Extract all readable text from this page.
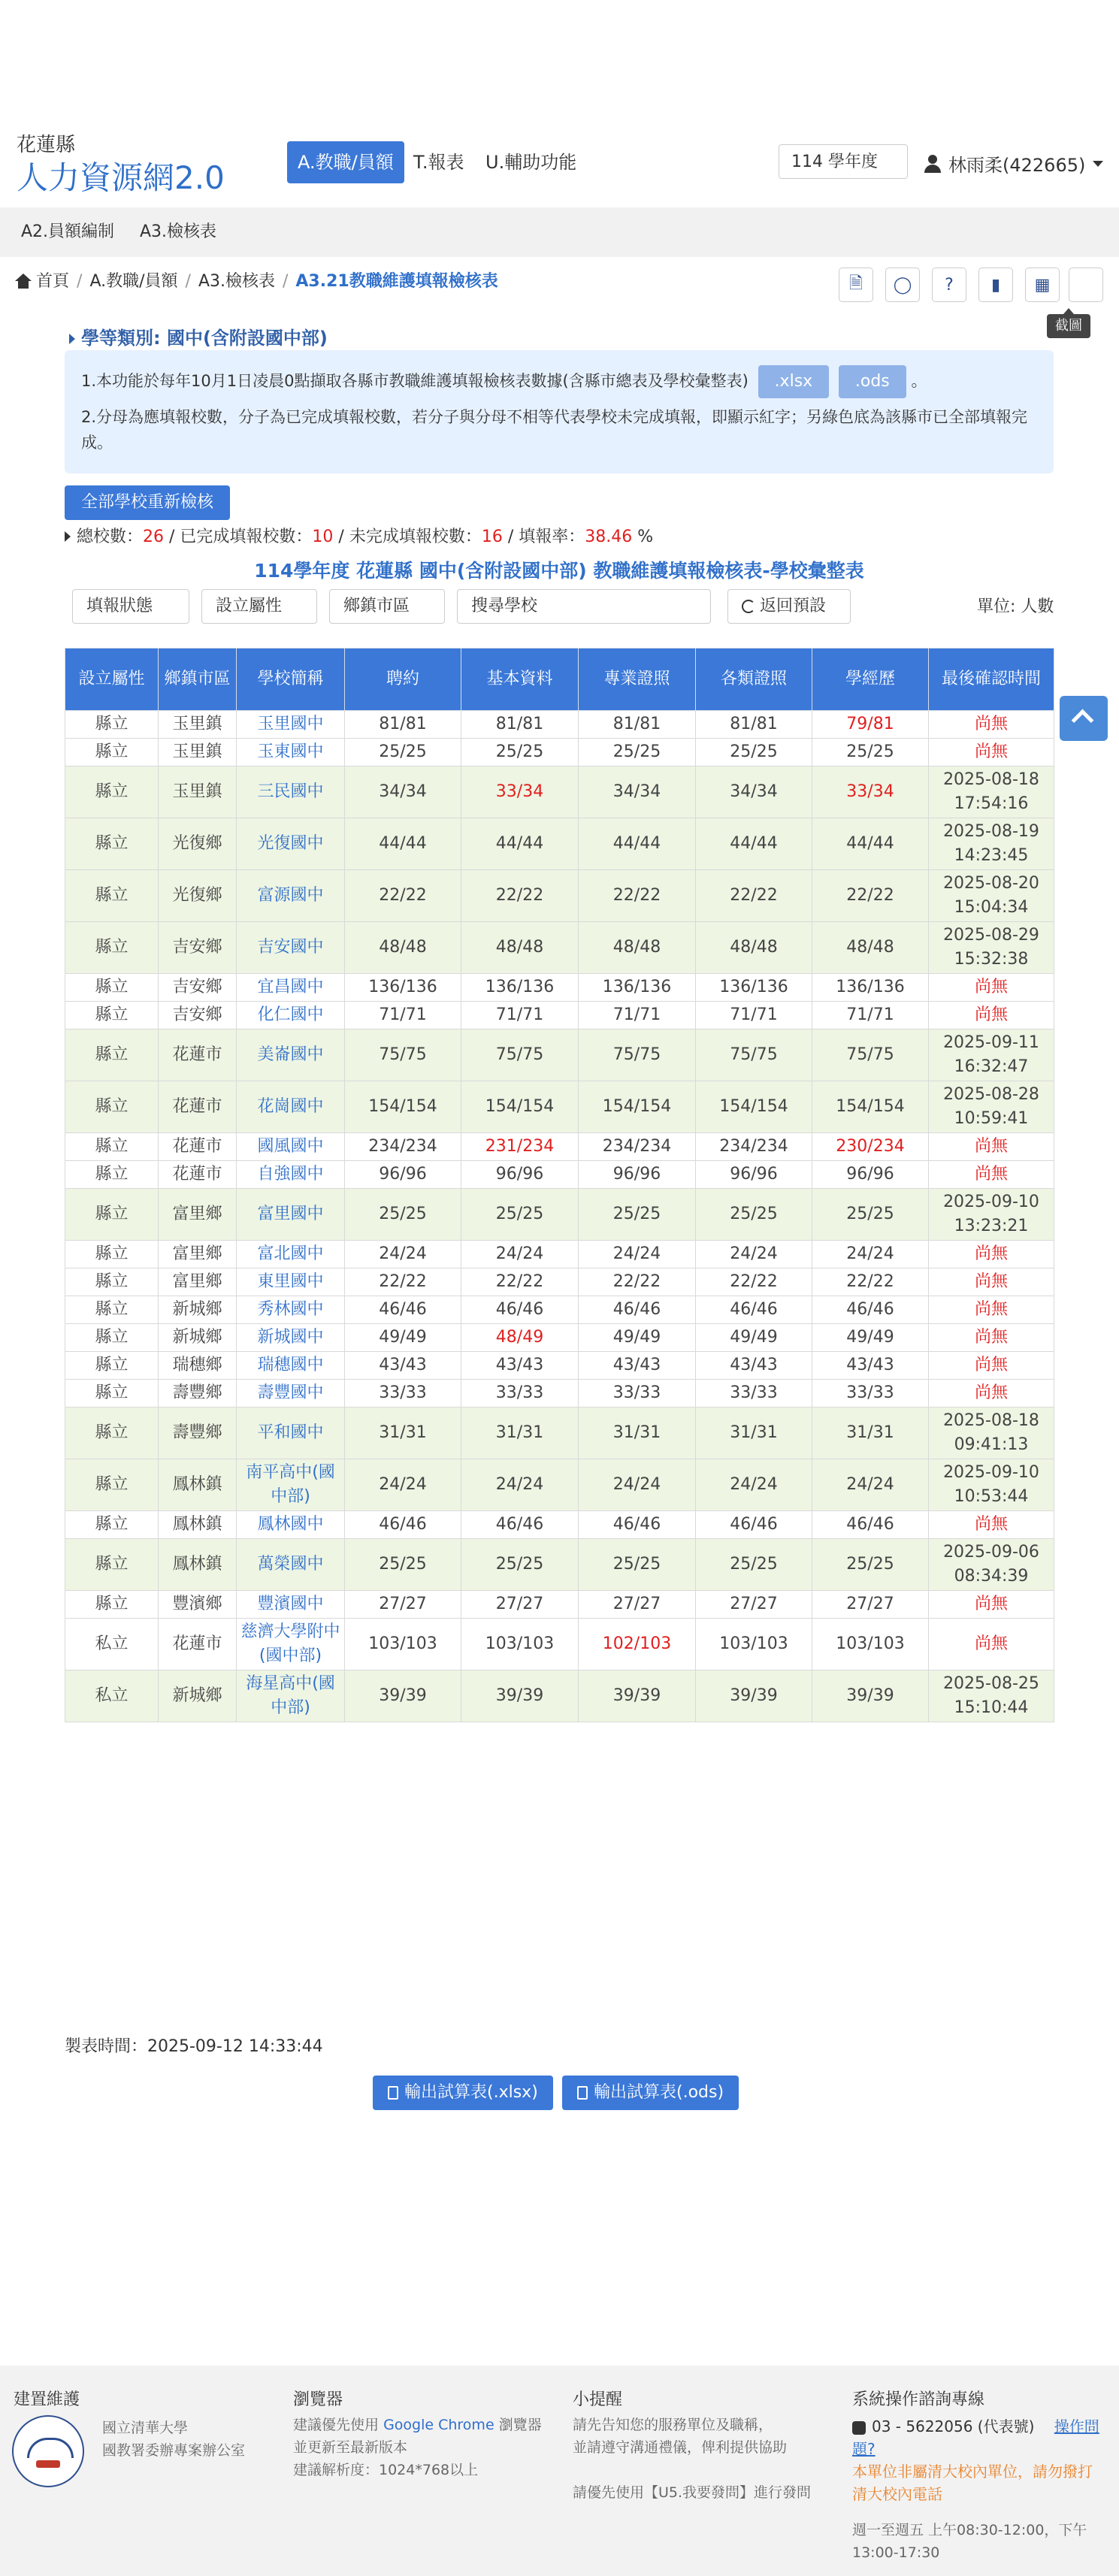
花蓮縣
人力資源網2.0	A.教職/員額	T.報表	U.輔助功能	114 學年度	林雨柔(422665)
A2.員額編制 A3.檢核表
首頁 / A.教職/員額 / A3.檢核表 / A3.21教職維護填報檢核表	🗎 ◯ ? ▮ ▦
截圖
學等類別: 國中(含附設國中部)
1.本功能於每年10月1日凌晨0點擷取各縣市教職維護填報檢核表數據(含縣市總表及學校彙整表) .xlsx	.ods 。
2.分母為應填報校數，分子為已完成填報校數，若分子與分母不相等代表學校未完成填報，即顯示紅字；另綠色底為該縣市已全部填報完成。
全部學校重新檢核
總校數：26 / 已完成填報校數：10 / 未完成填報校數：16 / 填報率：38.46 %
114學年度 花蓮縣 國中(含附設國中部) 教職維護填報檢核表-學校彙整表
填報狀態	設立屬性	鄉鎮市區	搜尋學校	返回預設	單位: 人數
設立屬性	鄉鎮市區	學校簡稱	聘約	基本資料	專業證照	各類證照	學經歷	最後確認時間
縣立	玉里鎮	玉里國中	81/81	81/81	81/81	81/81	79/81	尚無
縣立	玉里鎮	玉東國中	25/25	25/25	25/25	25/25	25/25	尚無
縣立	玉里鎮	三民國中	34/34	33/34	34/34	34/34	33/34	2025-08-18 17:54:16
縣立	光復鄉	光復國中	44/44	44/44	44/44	44/44	44/44	2025-08-19 14:23:45
縣立	光復鄉	富源國中	22/22	22/22	22/22	22/22	22/22	2025-08-20 15:04:34
縣立	吉安鄉	吉安國中	48/48	48/48	48/48	48/48	48/48	2025-08-29 15:32:38
縣立	吉安鄉	宜昌國中	136/136	136/136	136/136	136/136	136/136	尚無
縣立	吉安鄉	化仁國中	71/71	71/71	71/71	71/71	71/71	尚無
縣立	花蓮市	美崙國中	75/75	75/75	75/75	75/75	75/75	2025-09-11 16:32:47
縣立	花蓮市	花崗國中	154/154	154/154	154/154	154/154	154/154	2025-08-28 10:59:41
縣立	花蓮市	國風國中	234/234	231/234	234/234	234/234	230/234	尚無
縣立	花蓮市	自強國中	96/96	96/96	96/96	96/96	96/96	尚無
縣立	富里鄉	富里國中	25/25	25/25	25/25	25/25	25/25	2025-09-10 13:23:21
縣立	富里鄉	富北國中	24/24	24/24	24/24	24/24	24/24	尚無
縣立	富里鄉	東里國中	22/22	22/22	22/22	22/22	22/22	尚無
縣立	新城鄉	秀林國中	46/46	46/46	46/46	46/46	46/46	尚無
縣立	新城鄉	新城國中	49/49	48/49	49/49	49/49	49/49	尚無
縣立	瑞穗鄉	瑞穗國中	43/43	43/43	43/43	43/43	43/43	尚無
縣立	壽豐鄉	壽豐國中	33/33	33/33	33/33	33/33	33/33	尚無
縣立	壽豐鄉	平和國中	31/31	31/31	31/31	31/31	31/31	2025-08-18 09:41:13
縣立	鳳林鎮	南平高中(國中部)	24/24	24/24	24/24	24/24	24/24	2025-09-10 10:53:44
縣立	鳳林鎮	鳳林國中	46/46	46/46	46/46	46/46	46/46	尚無
縣立	鳳林鎮	萬榮國中	25/25	25/25	25/25	25/25	25/25	2025-09-06 08:34:39
縣立	豐濱鄉	豐濱國中	27/27	27/27	27/27	27/27	27/27	尚無
私立	花蓮市	慈濟大學附中(國中部)	103/103	103/103	102/103	103/103	103/103	尚無
私立	新城鄉	海星高中(國中部)	39/39	39/39	39/39	39/39	39/39	2025-08-25 15:10:44
製表時間：2025-09-12 14:33:44
輸出試算表(.xlsx)	輸出試算表(.ods)
建置維護
國立清華大學
國教署委辦專案辦公室
瀏覽器
建議優先使用 Google Chrome 瀏覽器
並更新至最新版本
建議解析度：1024*768以上
小提醒
請先告知您的服務單位及職稱，
並請遵守溝通禮儀，俾利提供協助
請優先使用【U5.我要發問】進行發問
系統操作諮詢專線
03 - 5622056 (代表號) 操作問題?
本單位非屬清大校內單位，請勿撥打
清大校內電話
週一至週五 上午08:30-12:00，下午13:00-17:30
